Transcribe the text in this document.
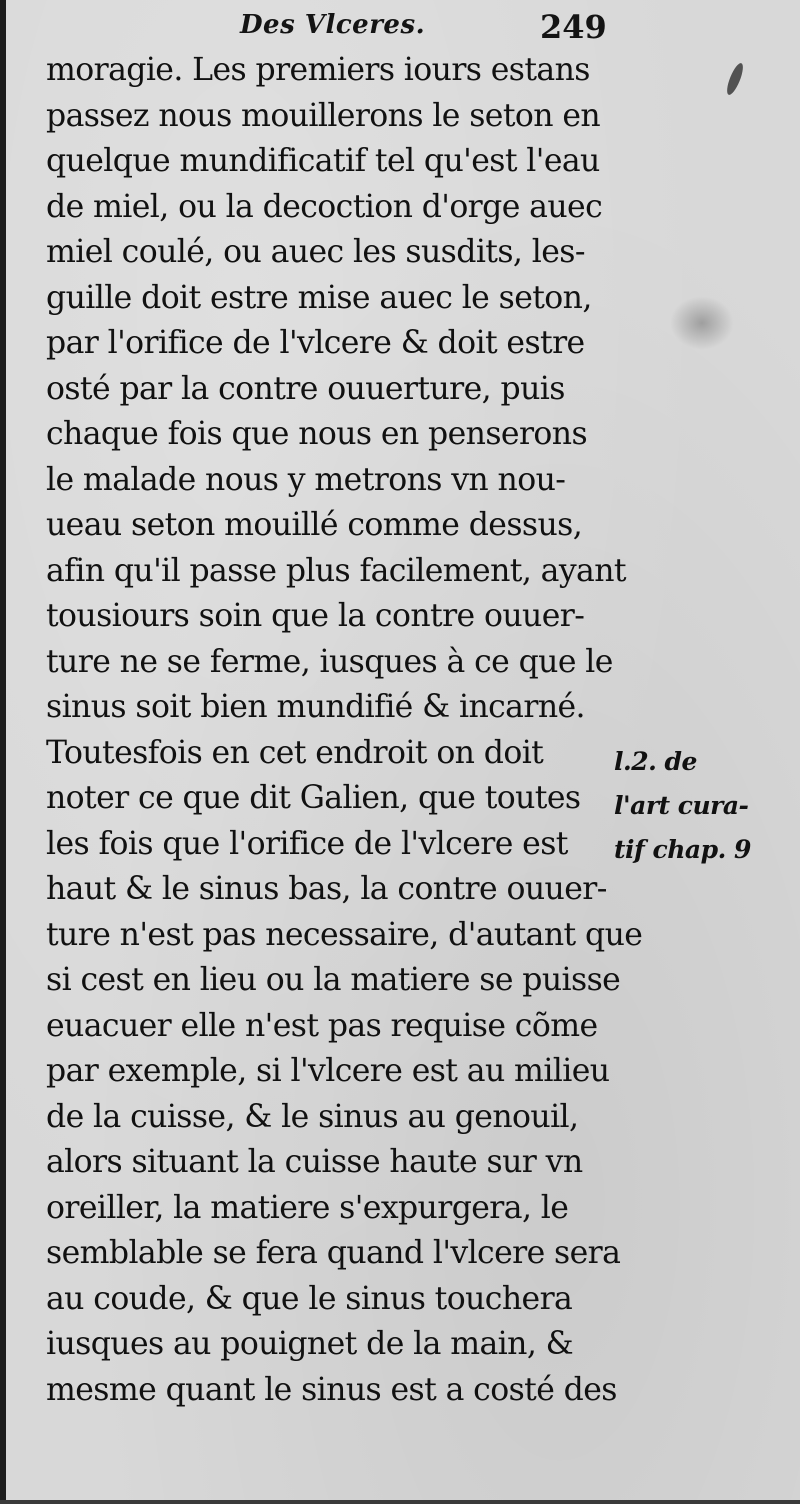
Des Vlceres.	249
moragie. Les premiers iours estans
passez nous mouillerons le seton en
quelque mundificatif tel qu'est l'eau
de miel, ou la decoction d'orge auec
miel coulé, ou auec les susdits, les-
guille doit estre mise auec le seton,
par l'orifice de l'vlcere & doit estre
osté par la contre ouuerture, puis
chaque fois que nous en penserons
le malade nous y metrons vn nou-
ueau seton mouillé comme dessus,
afin qu'il passe plus facilement, ayant
tousiours soin que la contre ouuer-
ture ne se ferme, iusques à ce que le
sinus soit bien mundifié & incarné.
Toutesfois en cet endroit on doit
noter ce que dit Galien, que toutes
les fois que l'orifice de l'vlcere est
haut & le sinus bas, la contre ouuer-
ture n'est pas necessaire, d'autant que
si cest en lieu ou la matiere se puisse
euacuer elle n'est pas requise cõme
par exemple, si l'vlcere est au milieu
de la cuisse, & le sinus au genouil,
alors situant la cuisse haute sur vn
oreiller, la matiere s'expurgera, le
semblable se fera quand l'vlcere sera
au coude, & que le sinus touchera
iusques au pouignet de la main, &
mesme quant le sinus est a costé des
l.2. de
l'art cura-
tif chap. 9
